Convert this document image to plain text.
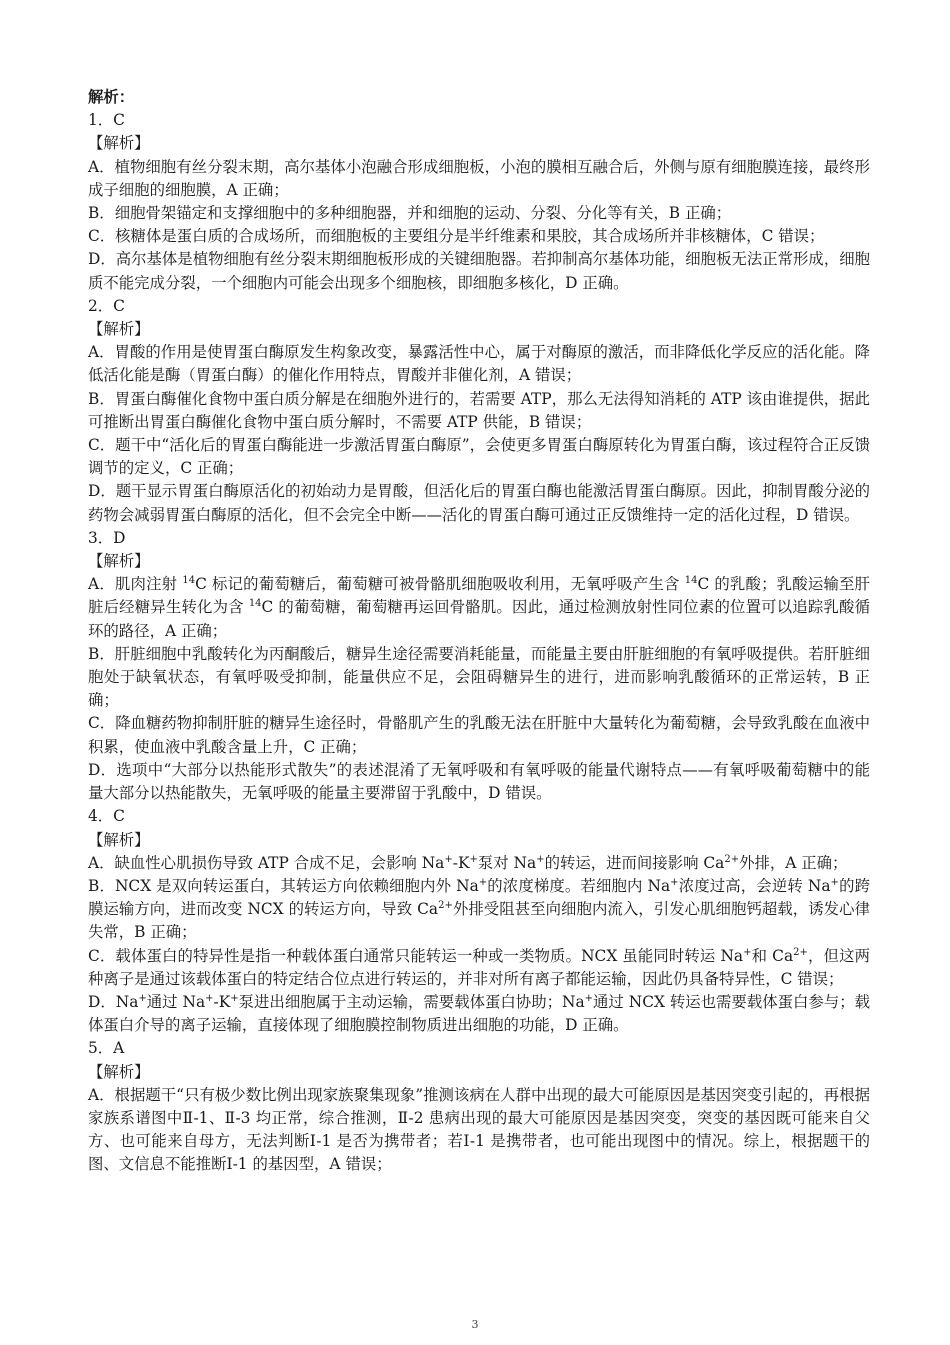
解析：
1．C
【解析】
A．植物细胞有丝分裂末期，高尔基体小泡融合形成细胞板，小泡的膜相互融合后，外侧与原有细胞膜连接，最终形成子细胞的细胞膜，A 正确；
B．细胞骨架锚定和支撑细胞中的多种细胞器，并和细胞的运动、分裂、分化等有关，B 正确；
C．核糖体是蛋白质的合成场所，而细胞板的主要组分是半纤维素和果胶，其合成场所并非核糖体，C 错误；
D．高尔基体是植物细胞有丝分裂末期细胞板形成的关键细胞器。若抑制高尔基体功能，细胞板无法正常形成，细胞质不能完成分裂，一个细胞内可能会出现多个细胞核，即细胞多核化，D 正确。
2．C
【解析】
A．胃酸的作用是使胃蛋白酶原发生构象改变，暴露活性中心，属于对酶原的激活，而非降低化学反应的活化能。降低活化能是酶（胃蛋白酶）的催化作用特点，胃酸并非催化剂，A 错误；
B．胃蛋白酶催化食物中蛋白质分解是在细胞外进行的，若需要 ATP，那么无法得知消耗的 ATP 该由谁提供，据此可推断出胃蛋白酶催化食物中蛋白质分解时，不需要 ATP 供能，B 错误；
C．题干中“活化后的胃蛋白酶能进一步激活胃蛋白酶原”，会使更多胃蛋白酶原转化为胃蛋白酶，该过程符合正反馈调节的定义，C 正确；
D．题干显示胃蛋白酶原活化的初始动力是胃酸，但活化后的胃蛋白酶也能激活胃蛋白酶原。因此，抑制胃酸分泌的药物会减弱胃蛋白酶原的活化，但不会完全中断——活化的胃蛋白酶可通过正反馈维持一定的活化过程，D 错误。
3．D
【解析】
A．肌肉注射 $^{14}$C 标记的葡萄糖后，葡萄糖可被骨骼肌细胞吸收利用，无氧呼吸产生含 $^{14}$C 的乳酸；乳酸运输至肝脏后经糖异生转化为含 $^{14}$C 的葡萄糖，葡萄糖再运回骨骼肌。因此，通过检测放射性同位素的位置可以追踪乳酸循环的路径，A 正确；
B．肝脏细胞中乳酸转化为丙酮酸后，糖异生途径需要消耗能量，而能量主要由肝脏细胞的有氧呼吸提供。若肝脏细胞处于缺氧状态，有氧呼吸受抑制，能量供应不足，会阻碍糖异生的进行，进而影响乳酸循环的正常运转，B 正确；
C．降血糖药物抑制肝脏的糖异生途径时，骨骼肌产生的乳酸无法在肝脏中大量转化为葡萄糖，会导致乳酸在血液中积累，使血液中乳酸含量上升，C 正确；
D．选项中“大部分以热能形式散失”的表述混淆了无氧呼吸和有氧呼吸的能量代谢特点——有氧呼吸葡萄糖中的能量大部分以热能散失，无氧呼吸的能量主要滞留于乳酸中，D 错误。
4．C
【解析】
A．缺血性心肌损伤导致 ATP 合成不足，会影响 Na+-K+泵对 Na+的转运，进而间接影响 $Ca^{2+}$外排，A 正确；
B．NCX 是双向转运蛋白，其转运方向依赖细胞内外 Na+的浓度梯度。若细胞内 Na+浓度过高，会逆转 Na+的跨膜运输方向，进而改变 NCX 的转运方向，导致 $Ca^{2+}$外排受阻甚至向细胞内流入，引发心肌细胞钙超载，诱发心律失常，B 正确；
C．载体蛋白的特异性是指一种载体蛋白通常只能转运一种或一类物质。NCX 虽能同时转运 Na+和 $Ca^{2+}$，但这两种离子是通过该载体蛋白的特定结合位点进行转运的，并非对所有离子都能运输，因此仍具备特异性，C 错误；
D．Na+通过 Na+-K+泵进出细胞属于主动运输，需要载体蛋白协助；Na+通过 NCX 转运也需要载体蛋白参与；载体蛋白介导的离子运输，直接体现了细胞膜控制物质进出细胞的功能，D 正确。
5．A
【解析】
A．根据题干“只有极少数比例出现家族聚集现象”推测该病在人群中出现的最大可能原因是基因突变引起的，再根据家族系谱图中Ⅱ-1、Ⅱ-3 均正常，综合推测，Ⅱ-2 患病出现的最大可能原因是基因突变，突变的基因既可能来自父方、也可能来自母方，无法判断Ⅰ-1 是否为携带者；若Ⅰ-1 是携带者，也可能出现图中的情况。综上，根据题干的图、文信息不能推断Ⅰ-1 的基因型，A 错误；
3
